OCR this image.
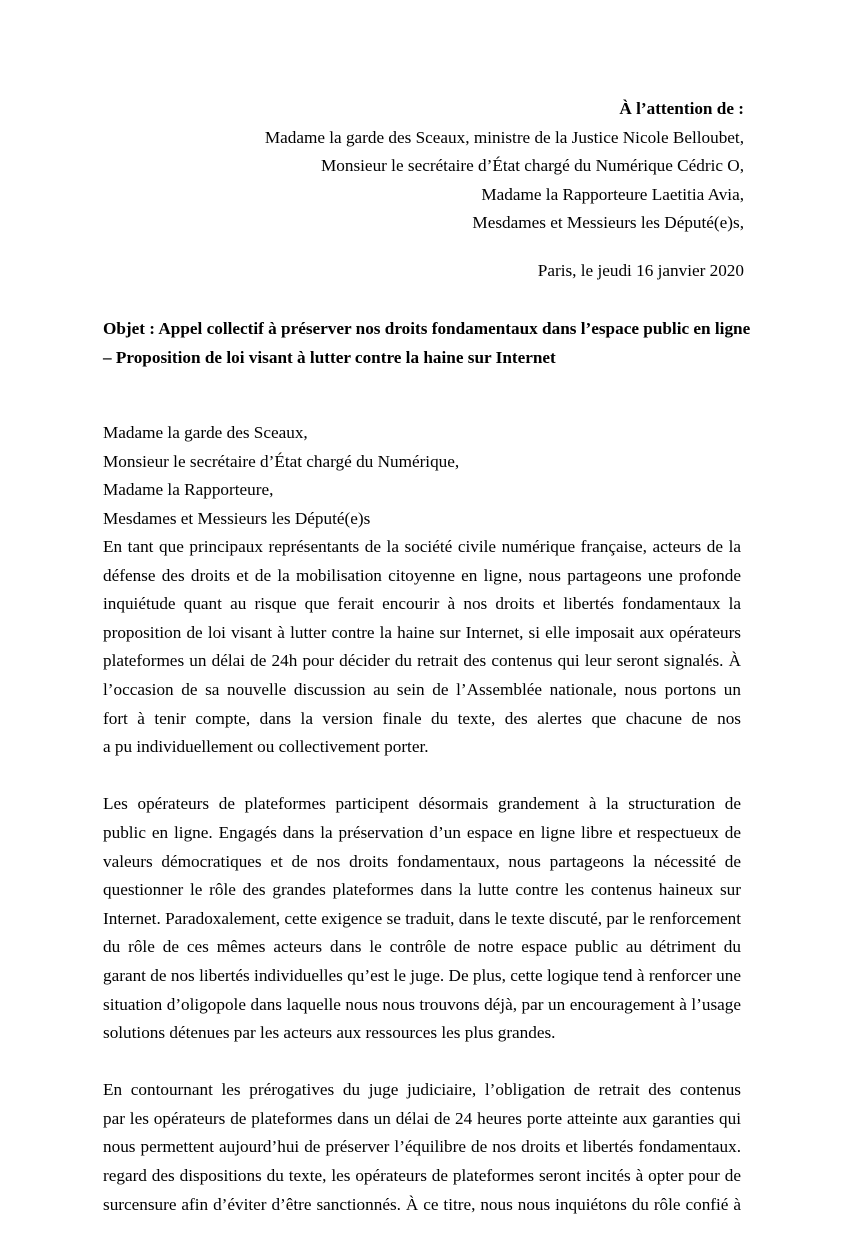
À l’attention de :
Madame la garde des Sceaux, ministre de la Justice Nicole Belloubet,
Monsieur le secrétaire d’État chargé du Numérique Cédric O,
Madame la Rapporteure Laetitia Avia,
Mesdames et Messieurs les Député(e)s,
Paris, le jeudi 16 janvier 2020
Objet : Appel collectif à préserver nos droits fondamentaux dans l’espace public en ligne
– Proposition de loi visant à lutter contre la haine sur Internet
Madame la garde des Sceaux,
Monsieur le secrétaire d’État chargé du Numérique,
Madame la Rapporteure,
Mesdames et Messieurs les Député(e)s

En tant que principaux représentants de la société civile numérique française, acteurs de la
défense des droits et de la mobilisation citoyenne en ligne, nous partageons une profonde
inquiétude quant au risque que ferait encourir à nos droits et libertés fondamentaux la
proposition de loi visant à lutter contre la haine sur Internet, si elle imposait aux opérateurs
plateformes un délai de 24h pour décider du retrait des contenus qui leur seront signalés. À
l’occasion de sa nouvelle discussion au sein de l’Assemblée nationale, nous portons un
fort à tenir compte, dans la version finale du texte, des alertes que chacune de nos
a pu individuellement ou collectivement porter.

Les opérateurs de plateformes participent désormais grandement à la structuration de
public en ligne. Engagés dans la préservation d’un espace en ligne libre et respectueux de
valeurs démocratiques et de nos droits fondamentaux, nous partageons la nécessité de
questionner le rôle des grandes plateformes dans la lutte contre les contenus haineux sur
Internet. Paradoxalement, cette exigence se traduit, dans le texte discuté, par le renforcement
du rôle de ces mêmes acteurs dans le contrôle de notre espace public au détriment du
garant de nos libertés individuelles qu’est le juge. De plus, cette logique tend à renforcer une
situation d’oligopole dans laquelle nous nous trouvons déjà, par un encouragement à l’usage
solutions détenues par les acteurs aux ressources les plus grandes.

En contournant les prérogatives du juge judiciaire, l’obligation de retrait des contenus
par les opérateurs de plateformes dans un délai de 24 heures porte atteinte aux garanties qui
nous permettent aujourd’hui de préserver l’équilibre de nos droits et libertés fondamentaux.
regard des dispositions du texte, les opérateurs de plateformes seront incités à opter pour de
surcensure afin d’éviter d’être sanctionnés. À ce titre, nous nous inquiétons du rôle confié à
